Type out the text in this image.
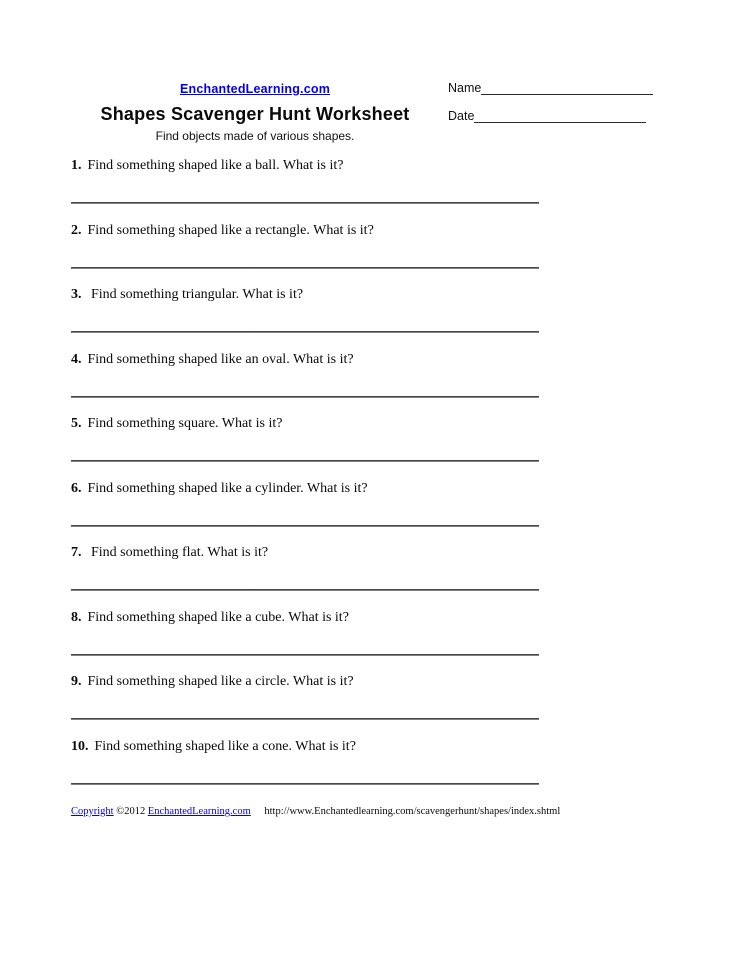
EnchantedLearning.com
Shapes Scavenger Hunt Worksheet
Find objects made of various shapes.
Name
Date
1. Find something shaped like a ball. What is it?
2. Find something shaped like a rectangle. What is it?
3. Find something triangular. What is it?
4. Find something shaped like an oval. What is it?
5. Find something square. What is it?
6. Find something shaped like a cylinder. What is it?
7. Find something flat. What is it?
8. Find something shaped like a cube. What is it?
9. Find something shaped like a circle. What is it?
10. Find something shaped like a cone. What is it?
Copyright ©2012 EnchantedLearning.com http://www.Enchantedlearning.com/scavengerhunt/shapes/index.shtml
